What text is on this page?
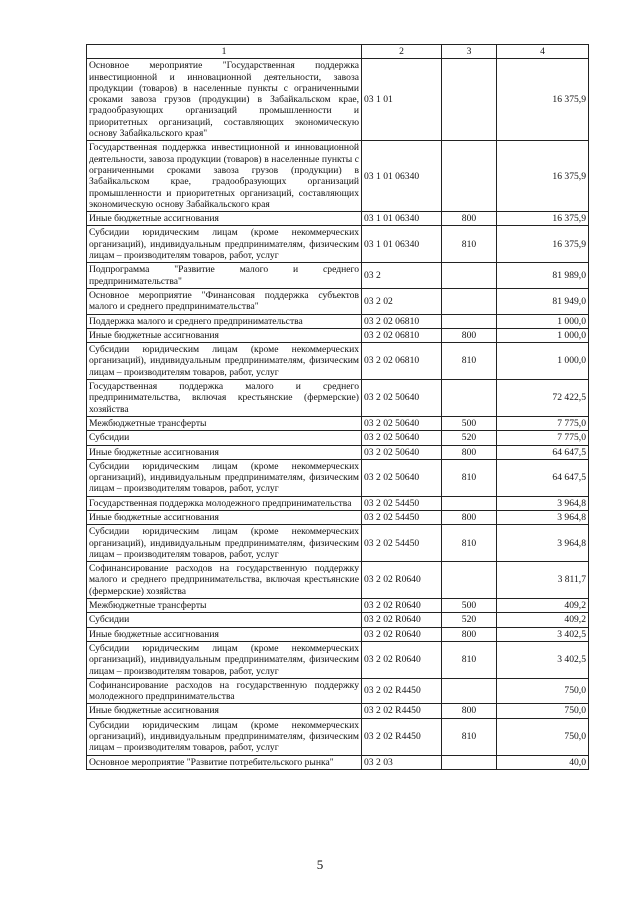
1	2	3	4
Основное мероприятие "Государственная поддержка инвестиционной и инновационной деятельности, завоза продукции (товаров) в населенные пункты с ограниченными сроками завоза грузов (продукции) в Забайкальском крае, градообразующих организаций промышленности и приоритетных организаций, составляющих экономическую основу Забайкальского края"	03 1 01		16 375,9
Государственная поддержка инвестиционной и инновационной деятельности, завоза продукции (товаров) в населенные пункты с ограниченными сроками завоза грузов (продукции) в Забайкальском крае, градообразующих организаций промышленности и приоритетных организаций, составляющих экономическую основу Забайкальского края	03 1 01 06340		16 375,9
Иные бюджетные ассигнования	03 1 01 06340	800	16 375,9
Субсидии юридическим лицам (кроме некоммерческих организаций), индивидуальным предпринимателям, физическим лицам – производителям товаров, работ, услуг	03 1 01 06340	810	16 375,9
Подпрограмма "Развитие малого и среднего предпринимательства"	03 2		81 989,0
Основное мероприятие "Финансовая поддержка субъектов малого и среднего предпринимательства"	03 2 02		81 949,0
Поддержка малого и среднего предпринимательства	03 2 02 06810		1 000,0
Иные бюджетные ассигнования	03 2 02 06810	800	1 000,0
Субсидии юридическим лицам (кроме некоммерческих организаций), индивидуальным предпринимателям, физическим лицам – производителям товаров, работ, услуг	03 2 02 06810	810	1 000,0
Государственная поддержка малого и среднего предпринимательства, включая крестьянские (фермерские) хозяйства	03 2 02 50640		72 422,5
Межбюджетные трансферты	03 2 02 50640	500	7 775,0
Субсидии	03 2 02 50640	520	7 775,0
Иные бюджетные ассигнования	03 2 02 50640	800	64 647,5
Субсидии юридическим лицам (кроме некоммерческих организаций), индивидуальным предпринимателям, физическим лицам – производителям товаров, работ, услуг	03 2 02 50640	810	64 647,5
Государственная поддержка молодежного предпринимательства	03 2 02 54450		3 964,8
Иные бюджетные ассигнования	03 2 02 54450	800	3 964,8
Субсидии юридическим лицам (кроме некоммерческих организаций), индивидуальным предпринимателям, физическим лицам – производителям товаров, работ, услуг	03 2 02 54450	810	3 964,8
Софинансирование расходов на государственную поддержку малого и среднего предпринимательства, включая крестьянские (фермерские) хозяйства	03 2 02 R0640		3 811,7
Межбюджетные трансферты	03 2 02 R0640	500	409,2
Субсидии	03 2 02 R0640	520	409,2
Иные бюджетные ассигнования	03 2 02 R0640	800	3 402,5
Субсидии юридическим лицам (кроме некоммерческих организаций), индивидуальным предпринимателям, физическим лицам – производителям товаров, работ, услуг	03 2 02 R0640	810	3 402,5
Софинансирование расходов на государственную поддержку молодежного предпринимательства	03 2 02 R4450		750,0
Иные бюджетные ассигнования	03 2 02 R4450	800	750,0
Субсидии юридическим лицам (кроме некоммерческих организаций), индивидуальным предпринимателям, физическим лицам – производителям товаров, работ, услуг	03 2 02 R4450	810	750,0
Основное мероприятие "Развитие потребительского рынка"	03 2 03		40,0
5
